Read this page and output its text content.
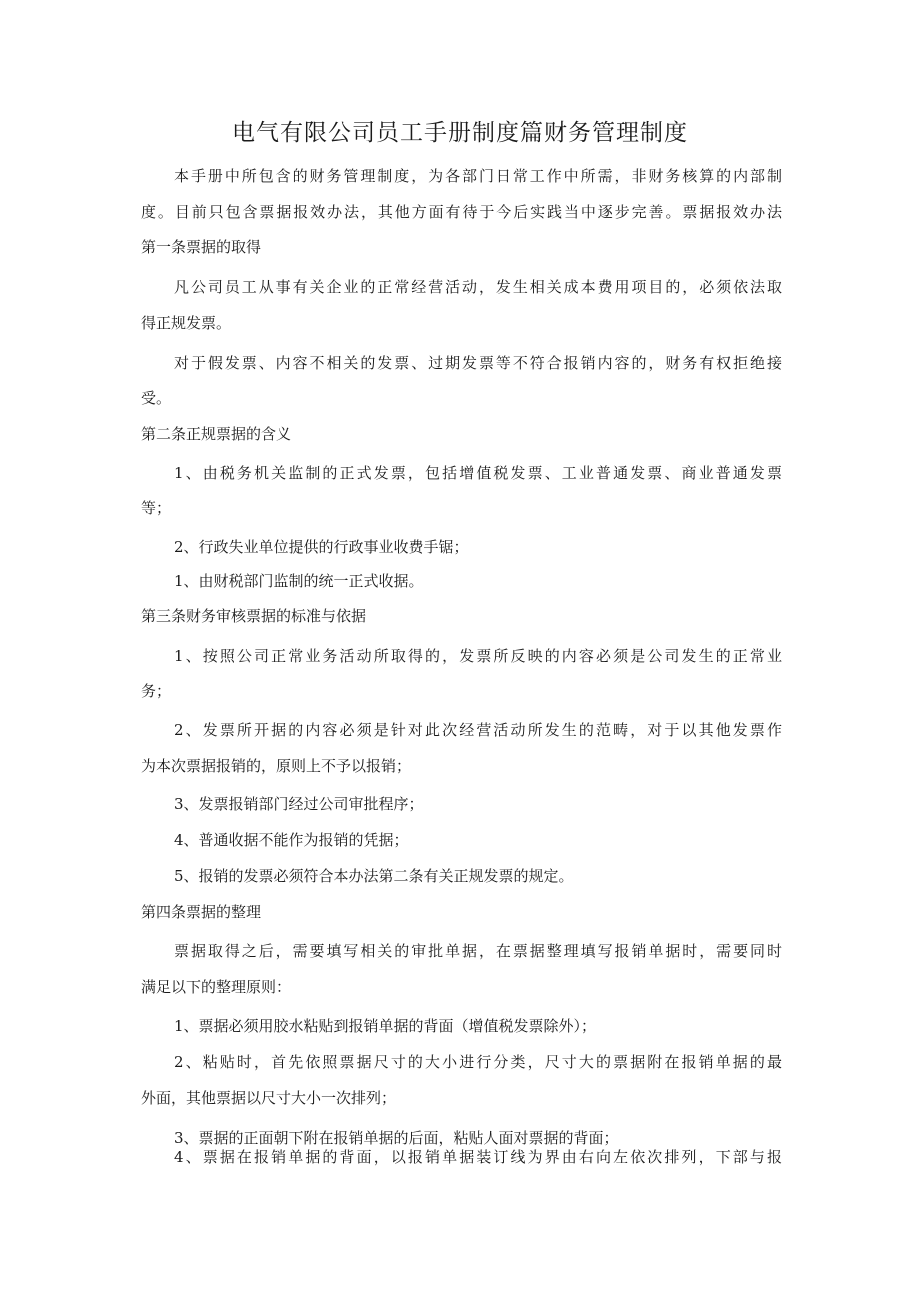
电气有限公司员工手册制度篇财务管理制度
本手册中所包含的财务管理制度，为各部门日常工作中所需，非财务核算的内部制
度。目前只包含票据报效办法，其他方面有待于今后实践当中逐步完善。票据报效办法
第一条票据的取得
凡公司员工从事有关企业的正常经营活动，发生相关成本费用项目的，必须依法取
得正规发票。
对于假发票、内容不相关的发票、过期发票等不符合报销内容的，财务有权拒绝接
受。
第二条正规票据的含义
1、由税务机关监制的正式发票，包括增值税发票、工业普通发票、商业普通发票
等；
2、行政失业单位提供的行政事业收费手锯；
1、由财税部门监制的统一正式收据。
第三条财务审核票据的标准与依据
1、按照公司正常业务活动所取得的，发票所反映的内容必须是公司发生的正常业
务；
2、发票所开据的内容必须是针对此次经营活动所发生的范畴，对于以其他发票作
为本次票据报销的，原则上不予以报销；
3、发票报销部门经过公司审批程序；
4、普通收据不能作为报销的凭据；
5、报销的发票必须符合本办法第二条有关正规发票的规定。
第四条票据的整理
票据取得之后，需要填写相关的审批单据，在票据整理填写报销单据时，需要同时
满足以下的整理原则：
1、票据必须用胶水粘贴到报销单据的背面（增值税发票除外）；
2、粘贴时，首先依照票据尺寸的大小进行分类，尺寸大的票据附在报销单据的最
外面，其他票据以尺寸大小一次排列；
3、票据的正面朝下附在报销单据的后面，粘贴人面对票据的背面；
4、票据在报销单据的背面，以报销单据装订线为界由右向左依次排列，下部与报
